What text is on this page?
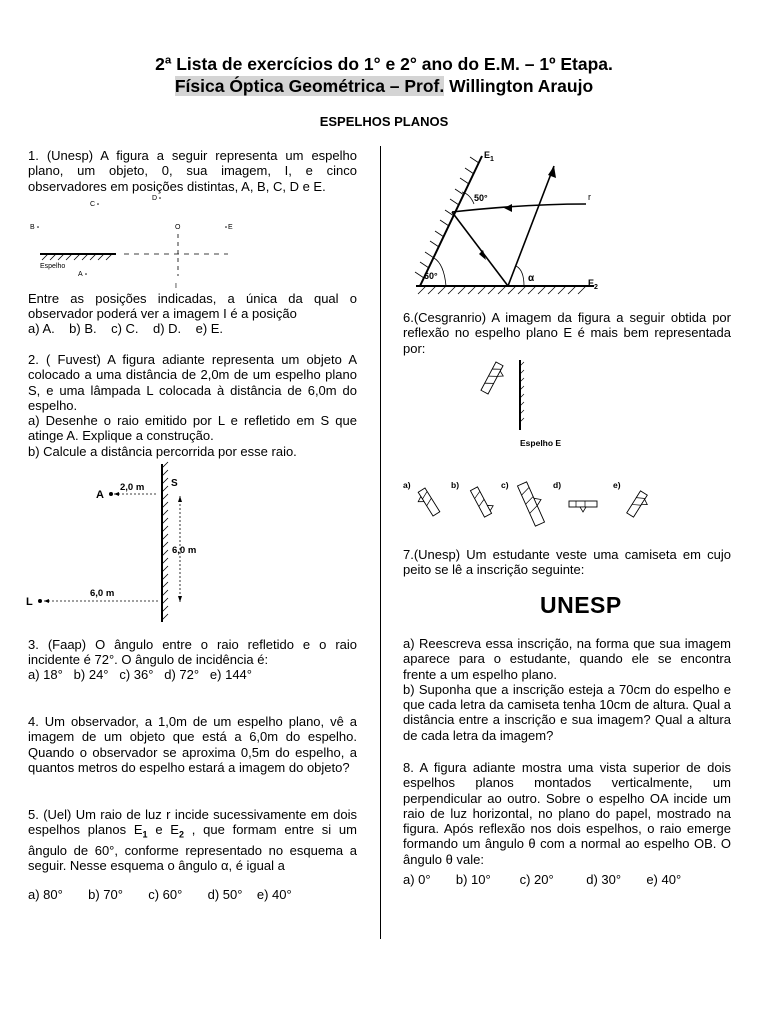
2ª Lista de exercícios do 1° e 2° ano do E.M. – 1º Etapa.
Física Óptica Geométrica – Prof. Willington Araujo
ESPELHOS PLANOS
1. (Unesp) A figura a seguir representa um espelho plano, um objeto, 0, sua imagem, I, e cinco observadores em posições distintas, A, B, C, D e E.
C
D
B	O	E
Espelho
A
I
Entre as posições indicadas, a única da qual o observador poderá ver a imagem I é a posição
a) A.    b) B.    c) C.    d) D.    e) E.

2. ( Fuvest) A figura adiante representa um objeto A colocado a uma distância de 2,0m de um espelho plano S, e uma lâmpada L colocada à distância de 6,0m do espelho.

a) Desenhe o raio emitido por L e refletido em S que atinge A. Explique a construção.

b) Calcule a distância percorrida por esse raio.

S
A
2,0 m
6,0 m
L
6,0 m
3. (Faap) O ângulo entre o raio refletido e o raio incidente é 72°. O ângulo de incidência é:
a) 18°   b) 24°   c) 36°   d) 72°   e) 144°
4. Um observador, a 1,0m de um espelho plano, vê a imagem de um objeto que está a 6,0m do espelho. Quando o observador se aproxima 0,5m do espelho, a quantos metros do espelho estará a imagem do objeto?
5. (Uel) Um raio de luz r incide sucessivamente em dois espelhos planos $E_1$ e $E_2$ , que formam entre si um ângulo de 60°, conforme representado no esquema a seguir. Nesse esquema o ângulo α, é igual a
a) 80°       b) 70°       c) 60°       d) 50°    e) 40°
$E_1$
$E_2$
r
50°
60°	α
6.(Cesgranrio) A imagem da figura a seguir obtida por reflexão no espelho plano E é mais bem representada por:
Espelho E
a)	b)	c)	d)	e)
7.(Unesp) Um estudante veste uma camiseta em cujo peito se lê a inscrição seguinte:
UNESP

a) Reescreva essa inscrição, na forma que sua imagem aparece para o estudante, quando ele se encontra frente a um espelho plano.

b) Suponha que a inscrição esteja a 70cm do espelho e que cada letra da camiseta tenha 10cm de altura. Qual a distância entre a inscrição e sua imagem? Qual a altura de cada letra da imagem?

8. A figura adiante mostra uma vista superior de dois espelhos planos montados verticalmente, um perpendicular ao outro. Sobre o espelho OA incide um raio de luz horizontal, no plano do papel, mostrado na figura. Após reflexão nos dois espelhos, o raio emerge formando um ângulo θ com a normal ao espelho OB. O ângulo θ vale:
a) 0°       b) 10°        c) 20°         d) 30°       e) 40°
